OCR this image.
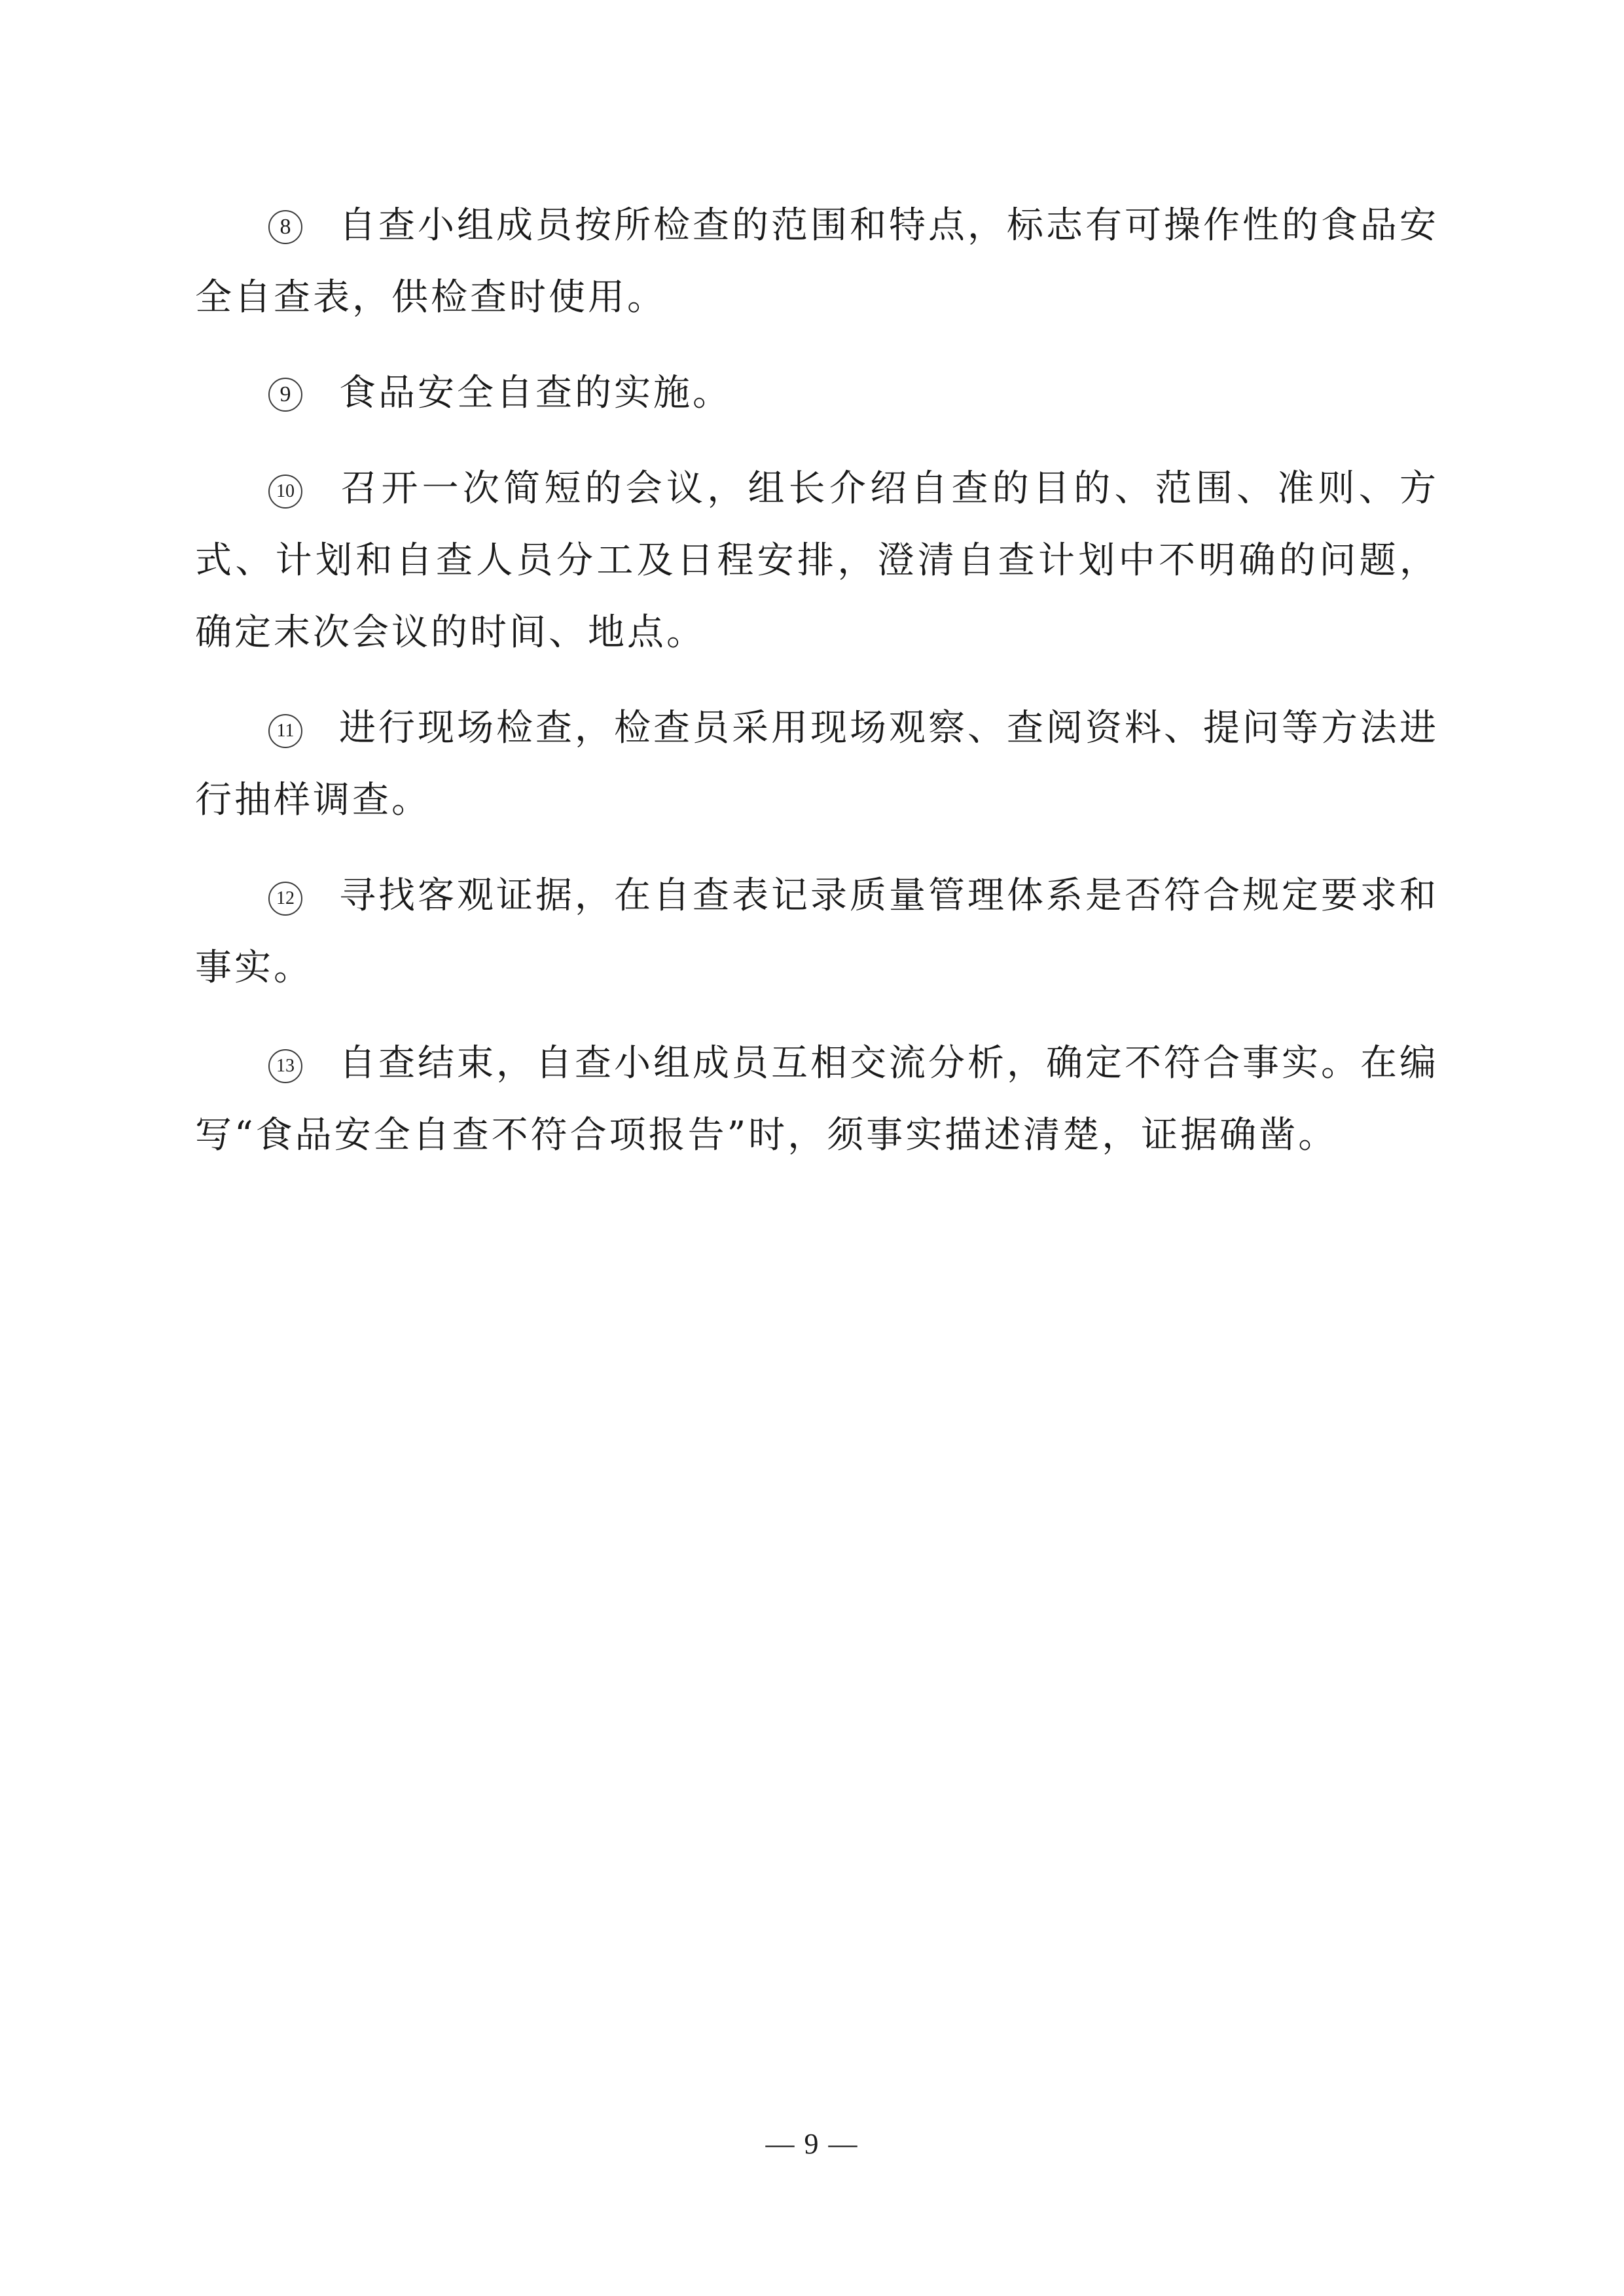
8 自查小组成员按所检查的范围和特点，标志有可操作性的食品安全自查表，供检查时使用。

9 食品安全自查的实施。

10 召开一次简短的会议，组长介绍自查的目的、范围、准则、方式、计划和自查人员分工及日程安排，澄清自查计划中不明确的问题，确定末次会议的时间、地点。

11 进行现场检查，检查员采用现场观察、查阅资料、提问等方法进行抽样调查。

12 寻找客观证据，在自查表记录质量管理体系是否符合规定要求和事实。

13 自查结束，自查小组成员互相交流分析，确定不符合事实。在编写“食品安全自查不符合项报告”时，须事实描述清楚，证据确凿。

— 9 —
